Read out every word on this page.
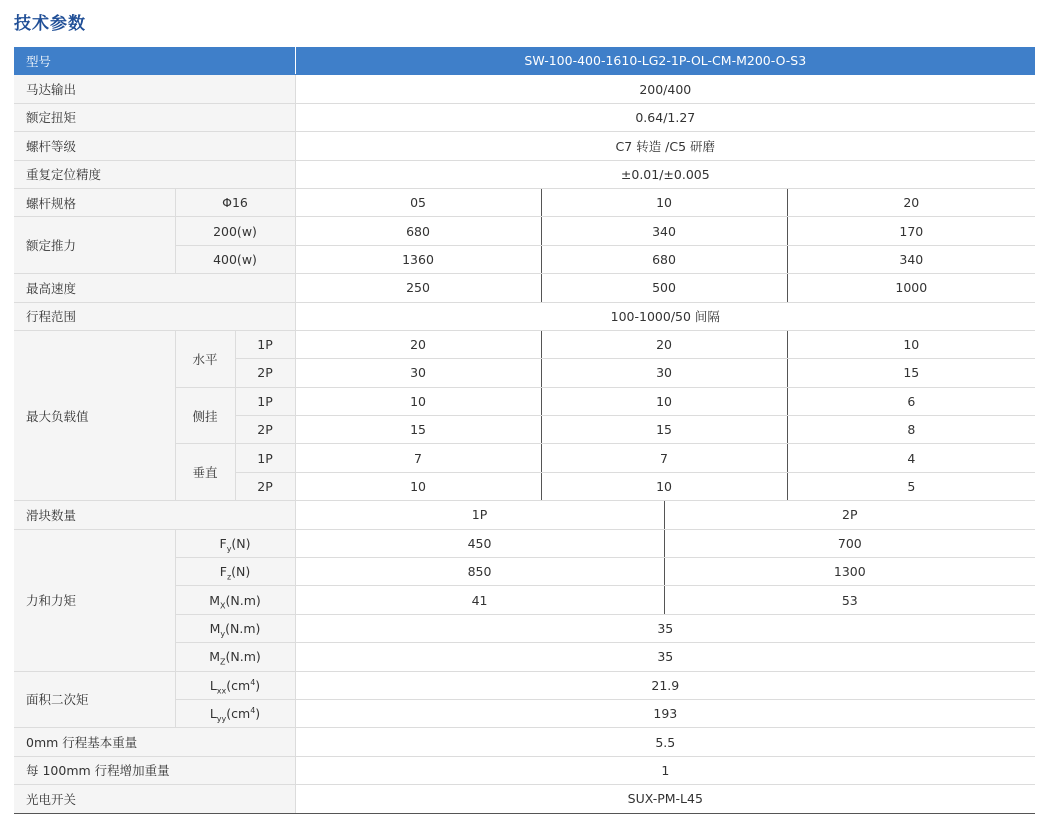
技术参数
型号			SW-100-400-1610-LG2-1P-OL-CM-M200-O-S3			
马达输出			200/400			
额定扭矩			0.64/1.27			
螺杆等级			C7 转造 /C5 研磨			
重复定位精度			±0.01/±0.005			
螺杆规格	Φ16		05	10		20
额定推力	200(w)		680	340		170
	400(w)		1360	680		340
最高速度			250	500		1000
行程范围			100-1000/50 间隔			
最大负载值	水平	1P	20	20		10
		2P	30	30		15
	侧挂	1P	10	10		6
		2P	15	15		8
	垂直	1P	7	7		4
		2P	10	10		5
滑块数量			1P		2P	
力和力矩	$F_y(N)$		450		700	
	$F_z(N)$		850		1300	
	$M_X(N.m)$		41		53	
	$M_y(N.m)$		35			
	$M_Z(N.m)$		35			
面积二次矩	$L_{xx}(cm^4)$		21.9			
	$L_{yy}(cm^4)$		193			
0mm 行程基本重量			5.5			
每 100mm 行程增加重量			1			
光电开关			SUX-PM-L45			
